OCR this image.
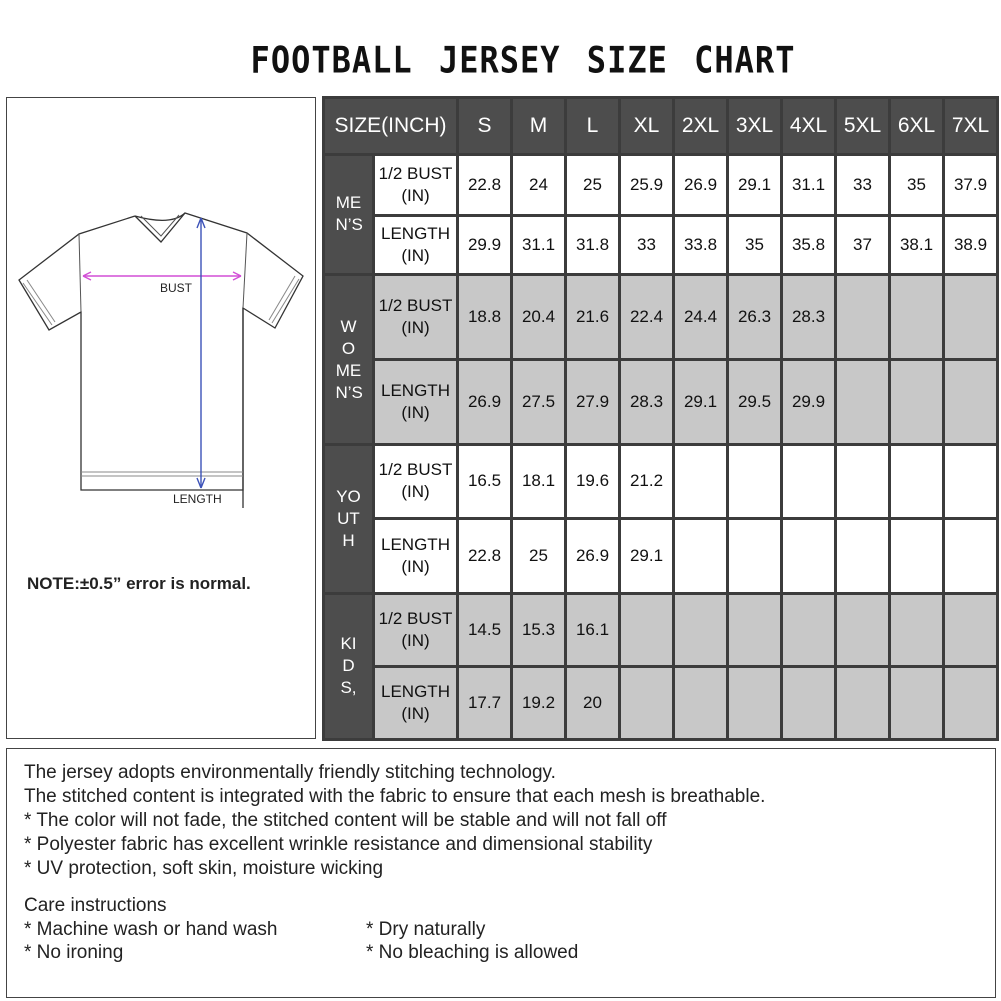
FOOTBALL JERSEY SIZE CHART
BUST
LENGTH
NOTE:±0.5” error is normal.
SIZE(INCH)		S	M	L	XL	2XL	3XL	4XL	5XL	6XL	7XL
MEN’S	1/2 BUST (IN)	22.8	24	25	25.9	26.9	29.1	31.1	33	35	37.9
	LENGTH (IN)	29.9	31.1	31.8	33	33.8	35	35.8	37	38.1	38.9
WOMEN’S	1/2 BUST (IN)	18.8	20.4	21.6	22.4	24.4	26.3	28.3			
	LENGTH (IN)	26.9	27.5	27.9	28.3	29.1	29.5	29.9			
YOUTH	1/2 BUST (IN)	16.5	18.1	19.6	21.2						
	LENGTH (IN)	22.8	25	26.9	29.1						
KIDS,	1/2 BUST (IN)	14.5	15.3	16.1							
	LENGTH (IN)	17.7	19.2	20							
The jersey adopts environmentally friendly stitching technology.
The stitched content is integrated with the fabric to ensure that each mesh is breathable.
* The color will not fade, the stitched content will be stable and will not fall off
* Polyester fabric has excellent wrinkle resistance and dimensional stability
* UV protection, soft skin, moisture wicking
Care instructions
* Machine wash or hand wash	* Dry naturally
* No ironing	* No bleaching is allowed
